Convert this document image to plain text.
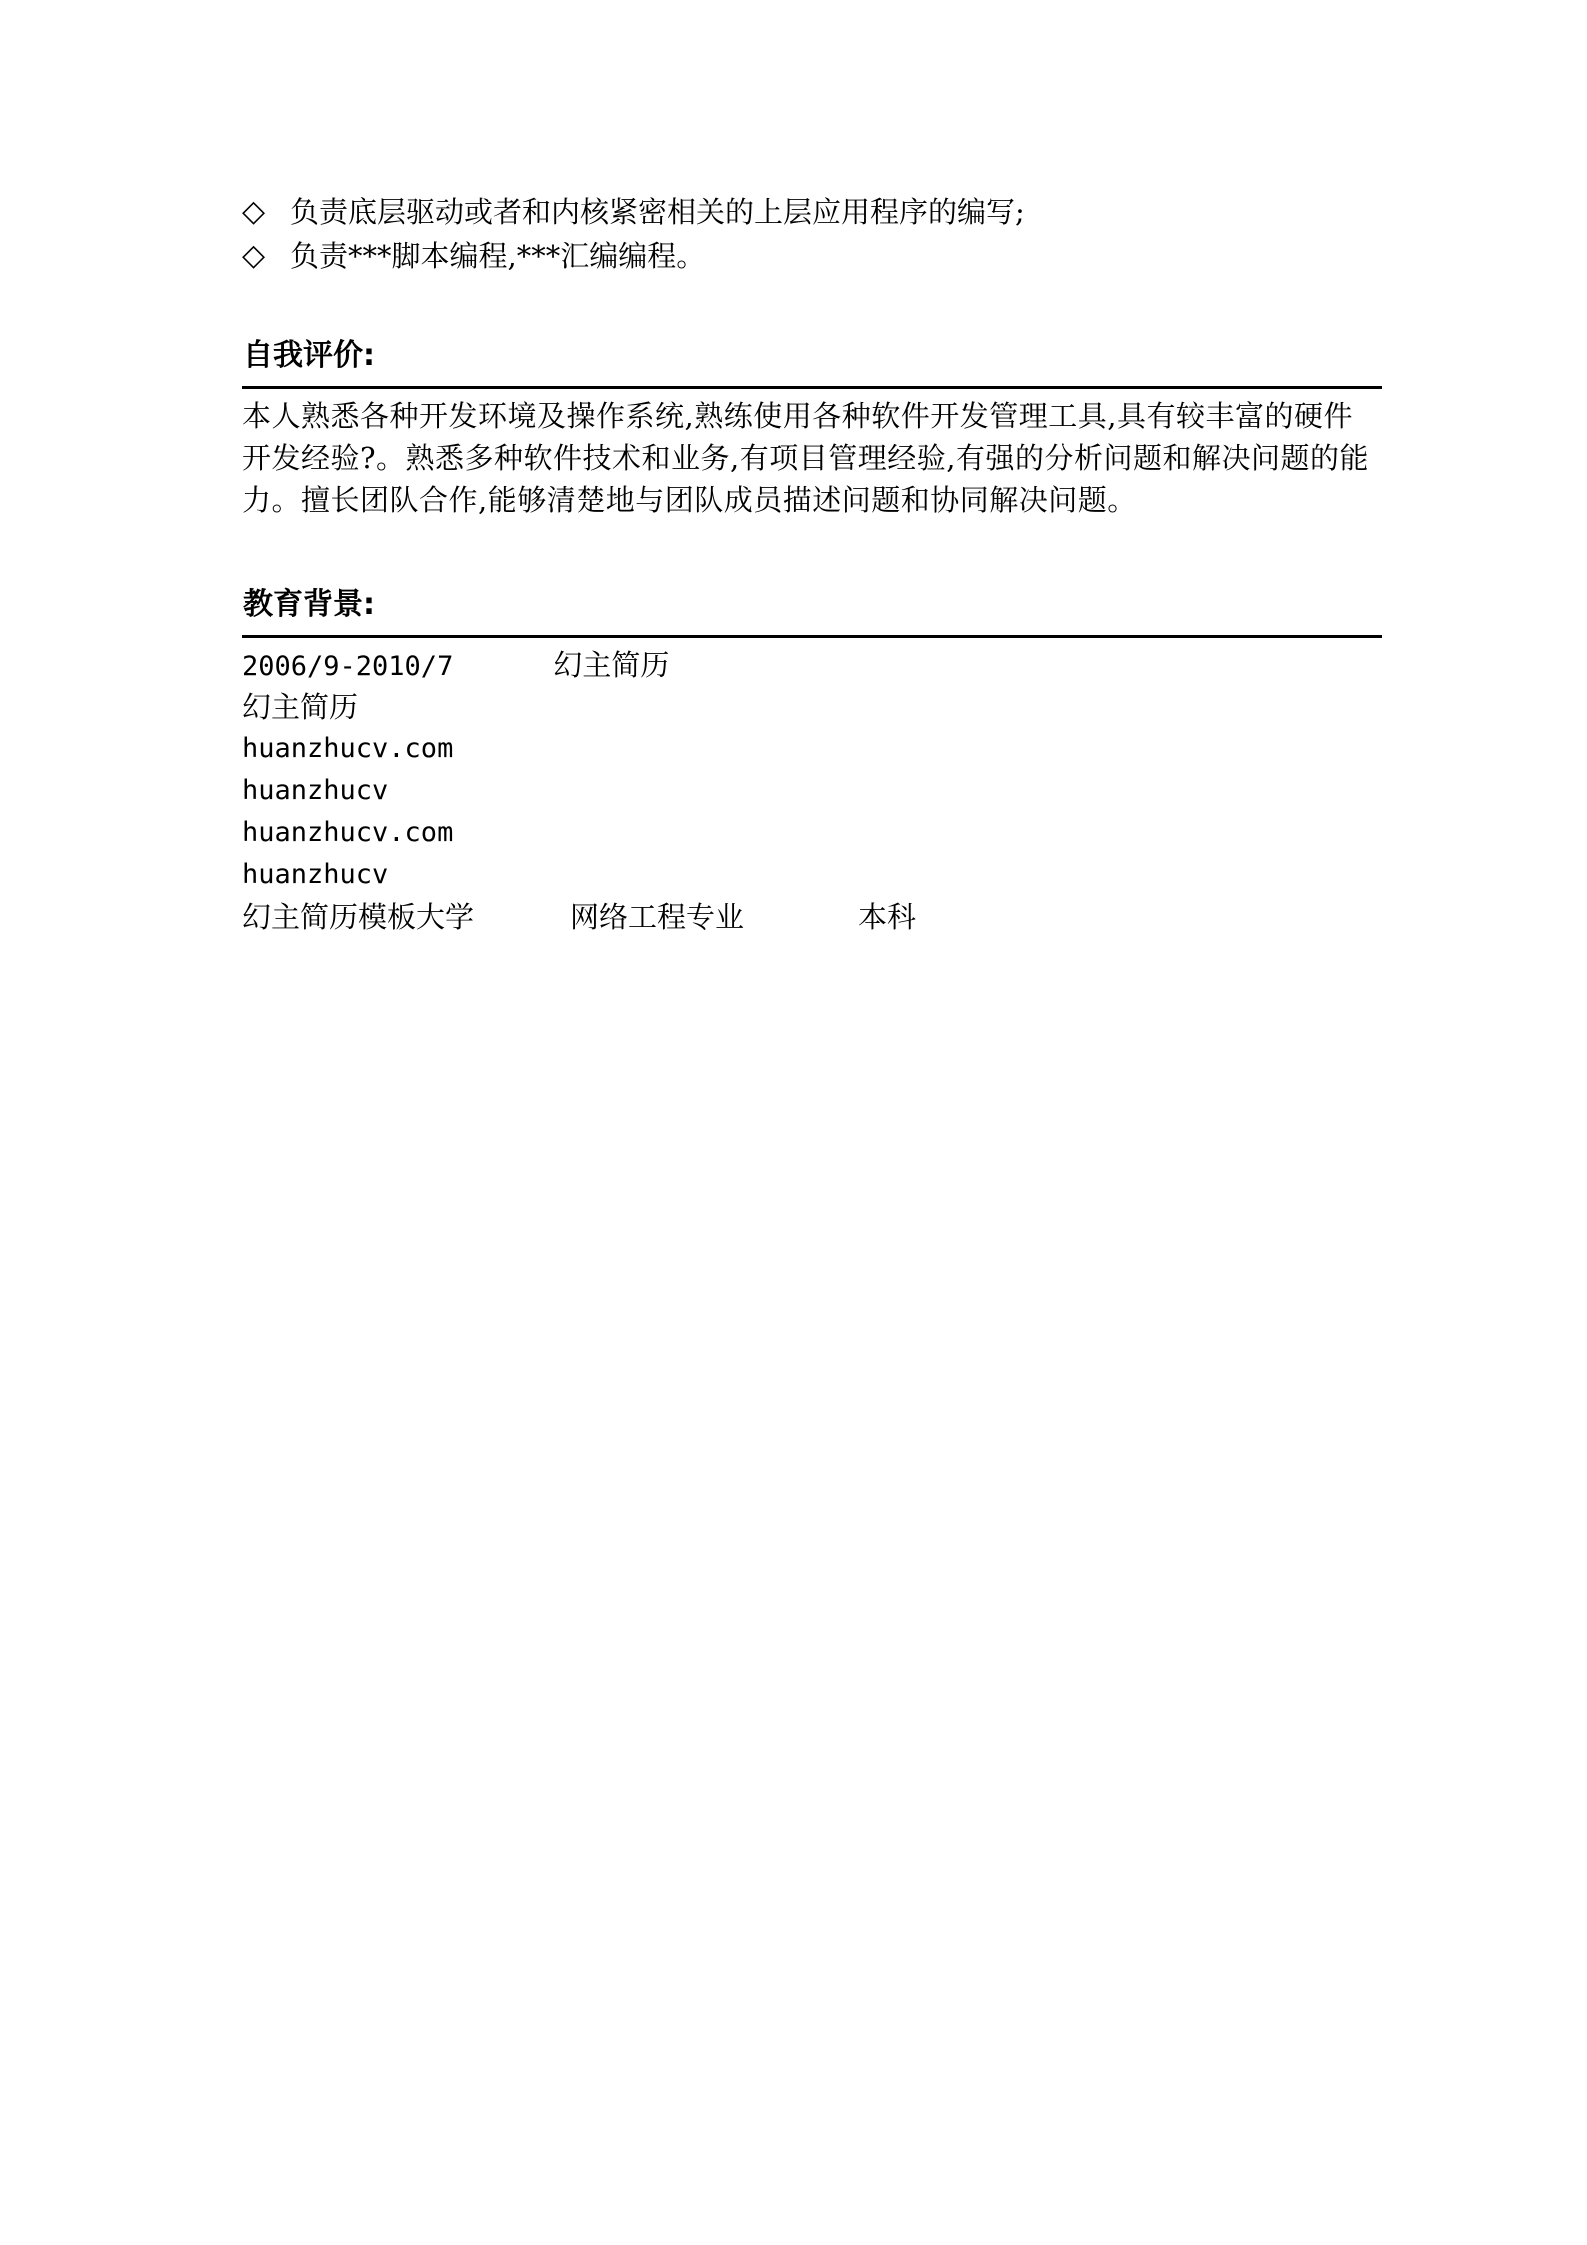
◇ 负责底层驱动或者和内核紧密相关的上层应用程序的编写;
◇ 负责***脚本编程,***汇编编程。
自我评价:

本人熟悉各种开发环境及操作系统,熟练使用各种软件开发管理工具,具有较丰富的硬件开发经验?。熟悉多种软件技术和业务,有项目管理经验,有强的分析问题和解决问题的能力。擅长团队合作,能够清楚地与团队成员描述问题和协同解决问题。

教育背景:
2006/9-2010/7	幻主简历
幻主简历
huanzhucv.com
huanzhucv
huanzhucv.com
huanzhucv
幻主简历模板大学	网络工程专业	本科
